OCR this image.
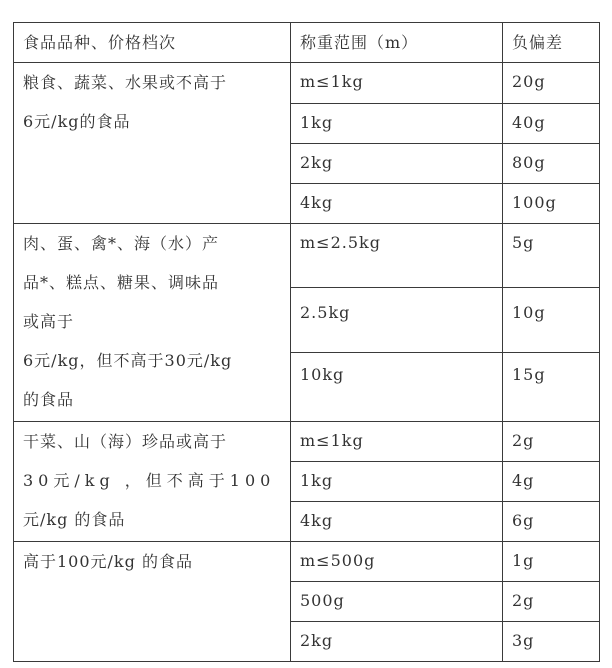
食品品种、价格档次	称重范围（m）	负偏差

粮食、蔬菜、水果或不高于
6元/kg的食品	m≤1kg	20g
	1kg	40g
	2kg	80g
	4kg	100g

肉、蛋、禽*、海（水）产
品*、糕点、糖果、调味品
或高于
6元/kg，但不高于30元/kg
的食品	m≤2.5kg	5g
	2.5kg	10g
	10kg	15g

干菜、山（海）珍品或高于
30元/kg ，但不高于100
元/kg 的食品	m≤1kg	2g
	1kg	4g
	4kg	6g

高于100元/kg 的食品	m≤500g	1g
	500g	2g
	2kg	3g
